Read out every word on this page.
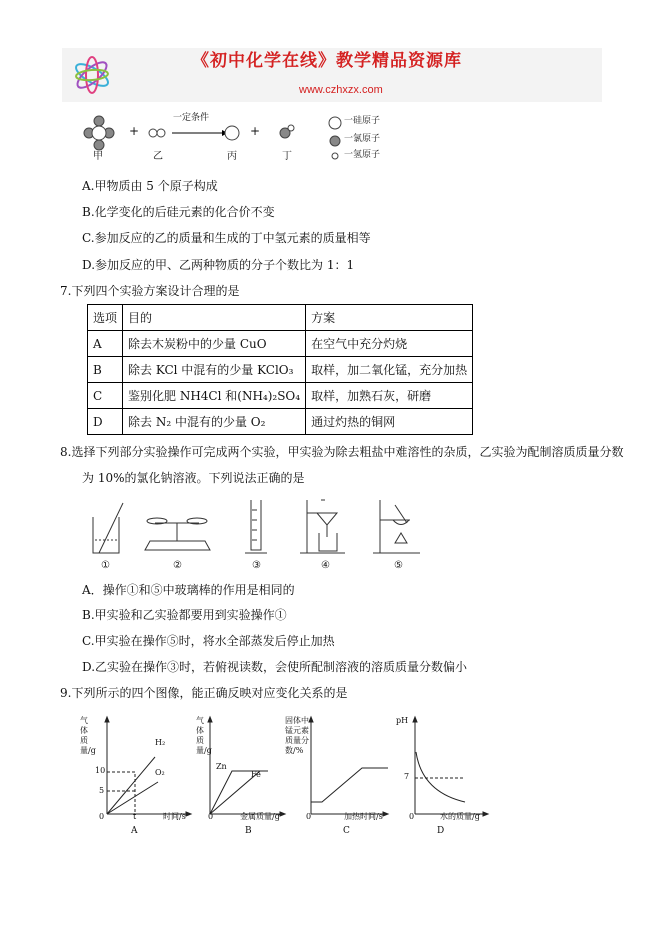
《初中化学在线》教学精品资源库
www.czhxzx.com
一定条件
+	+
甲	乙	丙	丁
一硅原子
一氯原子
一氢原子
A.甲物质由 5 个原子构成
B.化学变化的后硅元素的化合价不变
C.参加反应的乙的质量和生成的丁中氢元素的质量相等
D.参加反应的甲、乙两种物质的分子个数比为 1：1
7.下列四个实验方案设计合理的是
选项	目的	方案
A	除去木炭粉中的少量 CuO	在空气中充分灼烧
B	除去 KCl 中混有的少量 KClO₃	取样，加二氧化锰，充分加热
C	鉴别化肥 NH4Cl 和(NH₄)₂SO₄	取样，加熟石灰，研磨
D	除去 N₂ 中混有的少量 O₂	通过灼热的铜网
8.选择下列部分实验操作可完成两个实验，甲实验为除去粗盐中难溶性的杂质，乙实验为配制溶质质量分数
为 10%的氯化钠溶液。下列说法正确的是
①	②	③	④	⑤
A．操作①和⑤中玻璃棒的作用是相同的
B.甲实验和乙实验都要用到实验操作①
C.甲实验在操作⑤时，将水全部蒸发后停止加热
D.乙实验在操作③时，若俯视读数，会使所配制溶液的溶质质量分数偏小
9.下列所示的四个图像，能正确反映对应变化关系的是
气体质量/g
H₂
O₂
10
5
0	t	时间/s
A
气体质量/g
Zn
Fe
0	金属质量/g
B
固体中锰元素质量分数/%
0	加热时间/s
C
pH
7
0	水的质量/g
D
